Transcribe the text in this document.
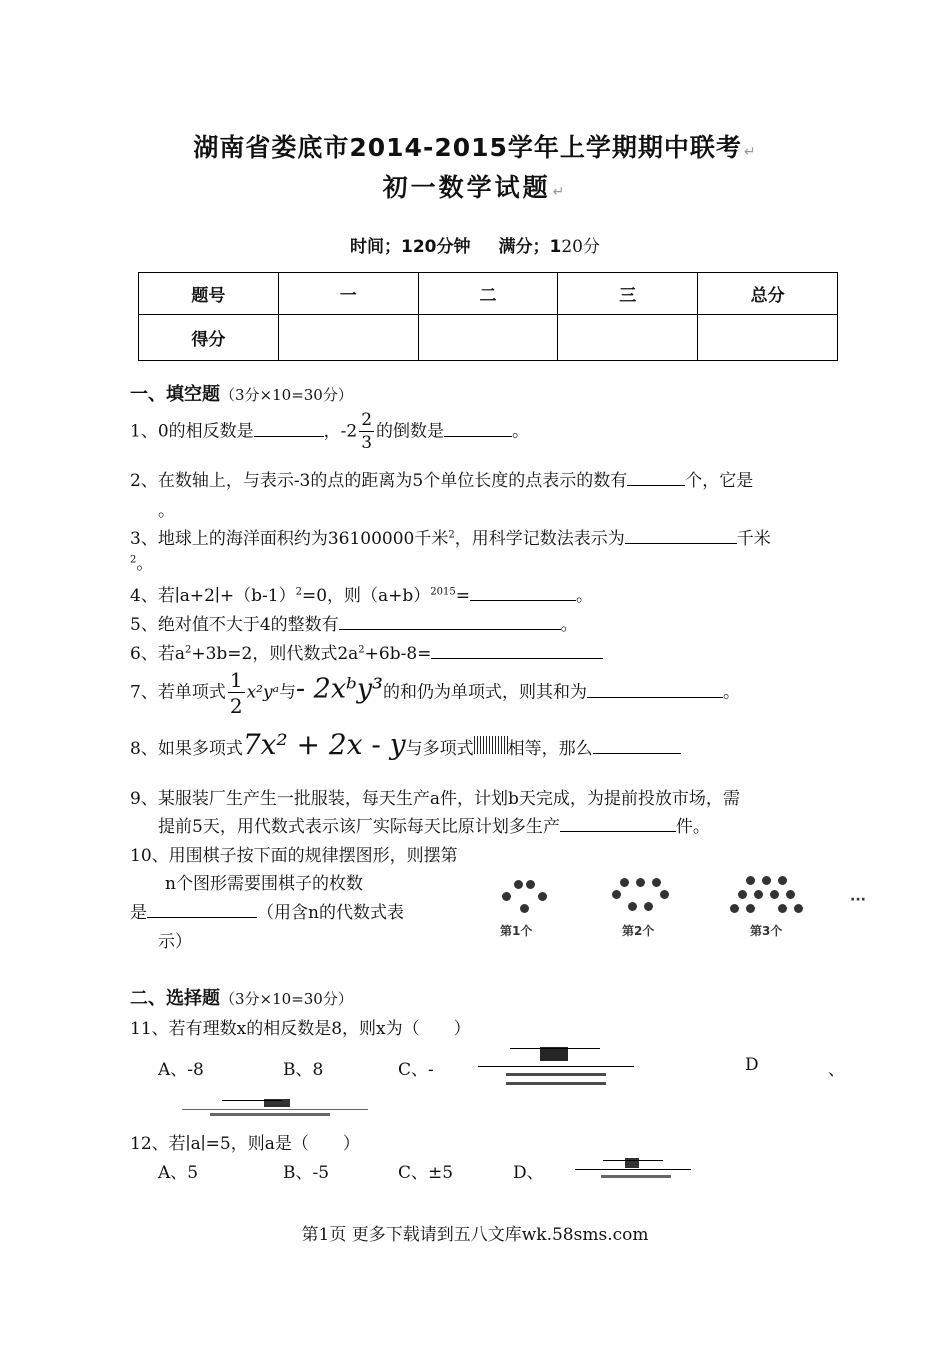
湖南省娄底市2014-2015学年上学期期中联考 ↵
初一数学试题 ↵
时间；120分钟 满分；120分
题号	一	二	三	总分
得分				
一、填空题（3分×10=30分）
1、0的相反数是	，$-2 \frac{2}{3}$ 的倒数是	。
2、在数轴上，与表示-3的点的距离为5个单位长度的点表示的数有	个，它是
。
3、地球上的海洋面积约为36100000千米$^2$，用科学记数法表示为	千米
$^2$。
4、若$∣a+2∣+(b-1)^2=0$，则$(a+b)^{2015}=$	。
5、绝对值不大于4的整数有	。
6、若$a^2+3b=2$，则代数式$2a^2+6b-8=$
7、若单项式 $\frac{1}{2}$ x²yᵃ与- 2xᵇy³的和仍为单项式，则其和为	。
8、如果多项式7x² + 2x - y与多项式 相等，那么
9、某服装厂生产生一批服装，每天生产a件，计划b天完成，为提前投放市场，需
提前5天，用代数式表示该厂实际每天比原计划多生产	件。
10、用围棋子按下面的规律摆图形，则摆第
n个图形需要围棋子的枚数
是	（用含n的代数式表
示）
第1个	第2个	第3个
···
二、选择题（3分×10=30分）
11、若有理数x的相反数是8，则x为（　　）
A、-8	B、8	C、-	D	、
12、若∣a∣=5，则a是（　　）
A、5	B、-5	C、±5	D、
第1页 更多下载请到五八文库wk.58sms.com
